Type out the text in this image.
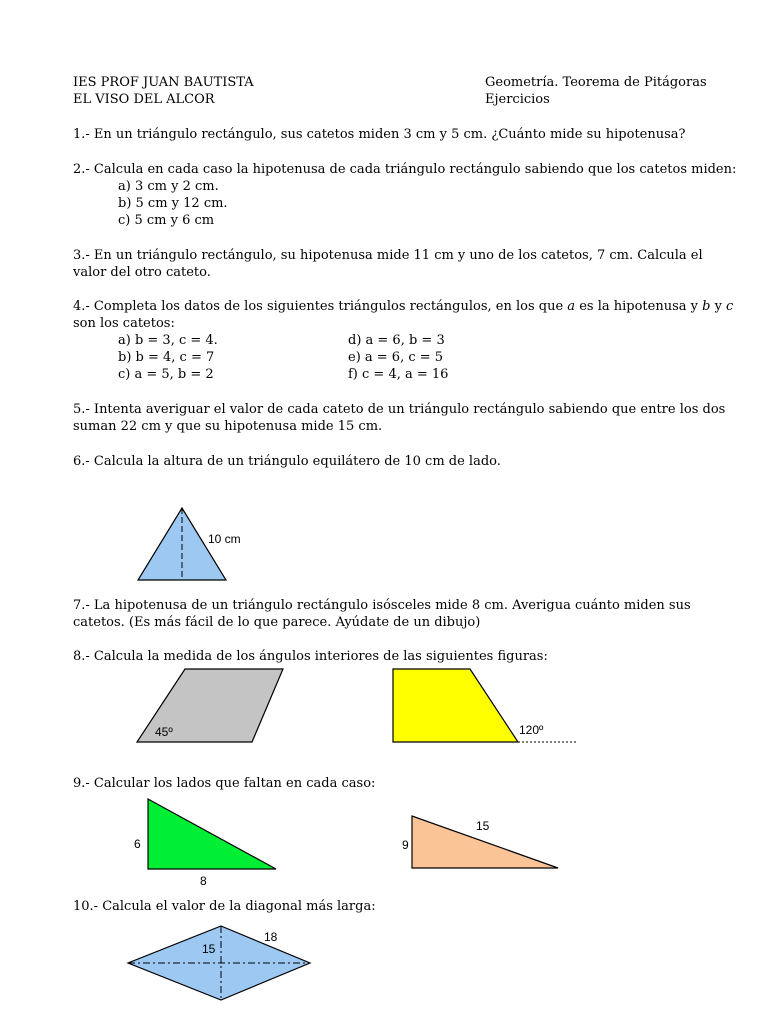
IES PROF JUAN BAUTISTA
EL VISO DEL ALCOR
Geometría. Teorema de Pitágoras
Ejercicios
1.- En un triángulo rectángulo, sus catetos miden 3 cm y 5 cm. ¿Cuánto mide su hipotenusa?
2.- Calcula en cada caso la hipotenusa de cada triángulo rectángulo sabiendo que los catetos miden:
a) 3 cm y 2 cm.
b) 5 cm y 12 cm.
c) 5 cm y 6 cm
3.- En un triángulo rectángulo, su hipotenusa mide 11 cm y uno de los catetos, 7 cm. Calcula el
valor del otro cateto.
4.- Completa los datos de los siguientes triángulos rectángulos, en los que a es la hipotenusa y b y c
son los catetos:
a) b = 3, c = 4.
b) b = 4, c = 7
c) a = 5, b = 2
d) a = 6, b = 3
e) a = 6, c = 5
f) c = 4, a = 16
5.- Intenta averiguar el valor de cada cateto de un triángulo rectángulo sabiendo que entre los dos
suman 22 cm y que su hipotenusa mide 15 cm.
6.- Calcula la altura de un triángulo equilátero de 10 cm de lado.
10 cm
7.- La hipotenusa de un triángulo rectángulo isósceles mide 8 cm. Averigua cuánto miden sus
catetos. (Es más fácil de lo que parece. Ayúdate de un dibujo)
8.- Calcula la medida de los ángulos interiores de las siguientes figuras:
45º	120º
9.- Calcular los lados que faltan en cada caso:
6
8
9
15
10.- Calcula el valor de la diagonal más larga:
15
18
